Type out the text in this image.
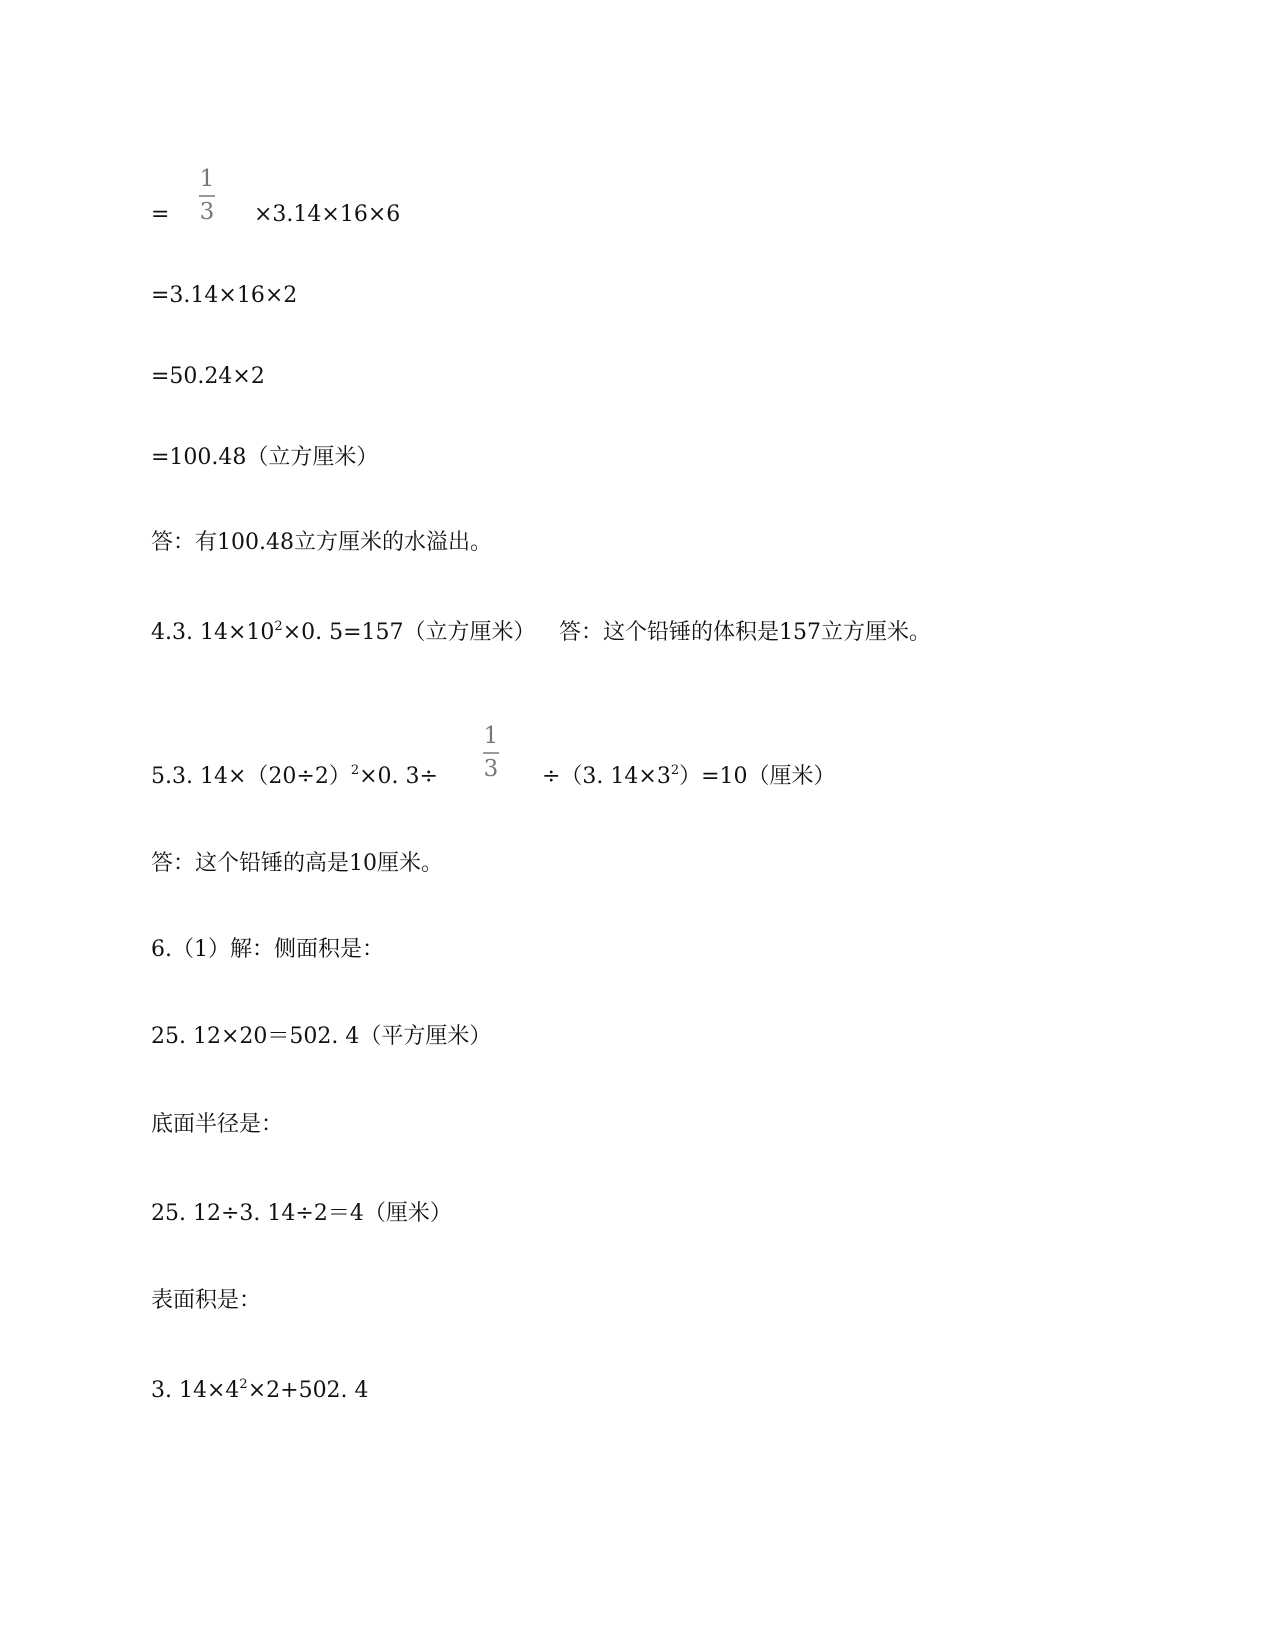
=
1
3 ×3.14×16×6
=3.14×16×2
=50.24×2
=100.48（立方厘米）
答：有100.48立方厘米的水溢出。
4.3. $14\times 10^2\times 0$. 5=157（立方厘米） 答：这个铅锤的体积是157立方厘米。
5.3. $14\times(20\div 2)^2\times 0$. 3÷
1
3 ÷（3. $14\times 3^2)=10$（厘米）
答：这个铅锤的高是10厘米。
6.（1）解：侧面积是：
25. 12×20＝502. 4（平方厘米）
底面半径是：
25. 12÷3. 14÷2＝4（厘米）
表面积是：
3. $14\times 4^2\times 2+502$. 4
